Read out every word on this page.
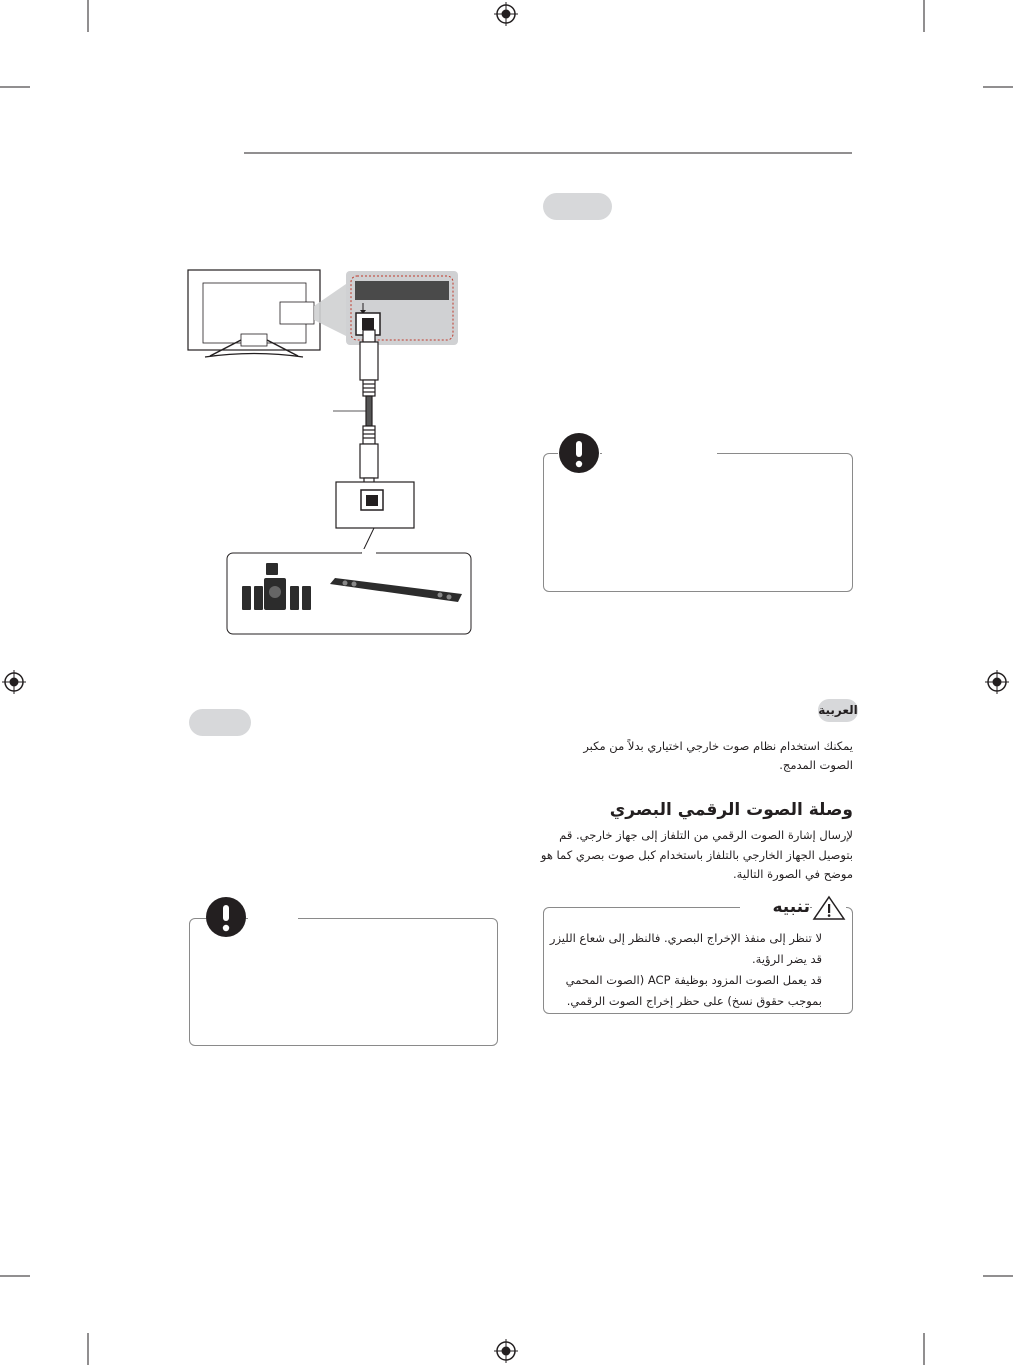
العربية
يمكنك استخدام نظام صوت خارجي اختياري بدلاً من مكبر الصوت المدمج.
وصلة الصوت الرقمي البصري
لإرسال إشارة الصوت الرقمي من التلفاز إلى جهاز خارجي. قم بتوصيل الجهاز الخارجي بالتلفاز باستخدام كبل صوت بصري كما هو موضح في الصورة التالية.
تنبيه
لا تنظر إلى منفذ الإخراج البصري. فالنظر إلى شعاع الليزر قد يضر الرؤية.
قد يعمل الصوت المزود بوظيفة ACP (الصوت المحمي بموجب حقوق نسخ) على حظر إخراج الصوت الرقمي.
